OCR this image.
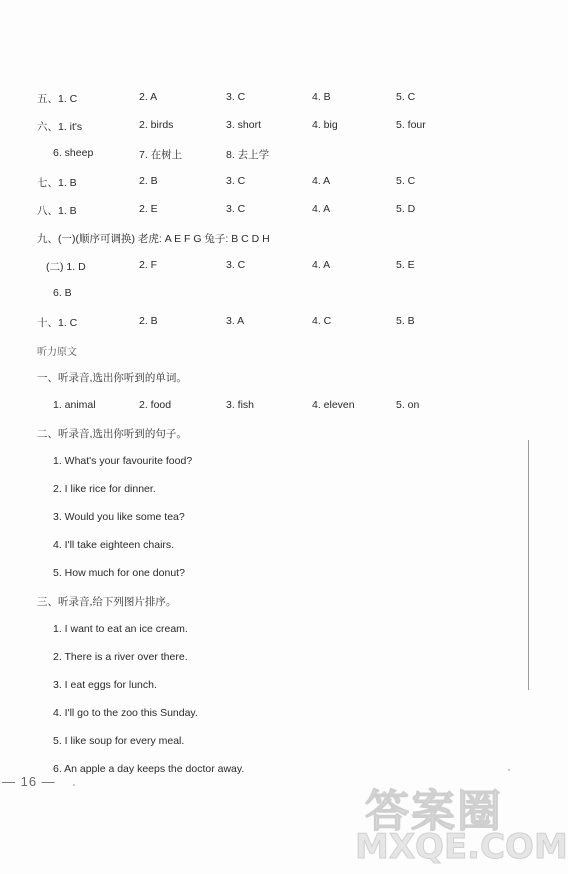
五、1. C	2. A	3. C	4. B	5. C
六、1. it's	2. birds	3. short	4. big	5. four
6. sheep	7. 在树上	8. 去上学
七、1. B	2. B	3. C	4. A	5. C
八、1. B	2. E	3. C	4. A	5. D
九、(一)(顺序可调换) 老虎: A E F G 兔子: B C D H
(二) 1. D	2. F	3. C	4. A	5. E
6. B
十、1. C	2. B	3. A	4. C	5. B
听力原文
一、听录音,选出你听到的单词。
1. animal	2. food	3. fish	4. eleven	5. on
二、听录音,选出你听到的句子。
1. What's your favourite food?
2. I like rice for dinner.
3. Would you like some tea?
4. I'll take eighteen chairs.
5. How much for one donut?
三、听录音,给下列图片排序。
1. I want to eat an ice cream.
2. There is a river over there.
3. I eat eggs for lunch.
4. I'll go to the zoo this Sunday.
5. I like soup for every meal.
6. An apple a day keeps the doctor away.
— 16 —
答案圈
MXQE.COM
